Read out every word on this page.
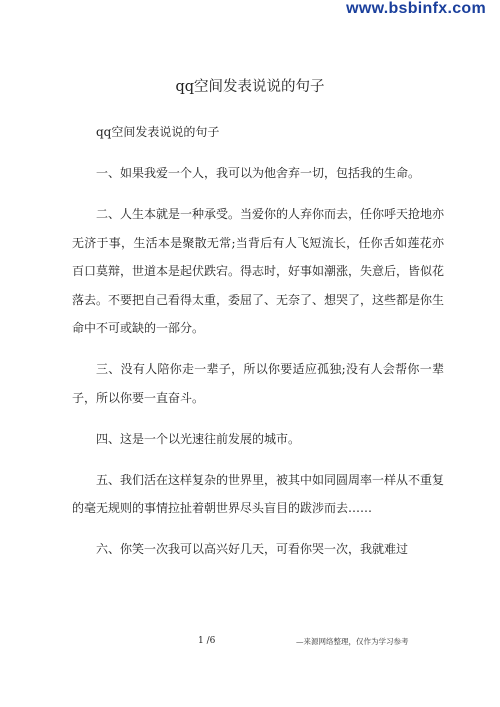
www.bsbinfx.com
qq空间发表说说的句子

qq空间发表说说的句子

一、如果我爱一个人，我可以为他舍弃一切，包括我的生命。

二、人生本就是一种承受。当爱你的人弃你而去，任你呼天抢地亦无济于事，生活本是聚散无常;当背后有人飞短流长，任你舌如莲花亦百口莫辩，世道本是起伏跌宕。得志时，好事如潮涨，失意后，皆似花落去。不要把自己看得太重，委屈了、无奈了、想哭了，这些都是你生命中不可或缺的一部分。

三、没有人陪你走一辈子，所以你要适应孤独;没有人会帮你一辈子，所以你要一直奋斗。

四、这是一个以光速往前发展的城市。

五、我们活在这样复杂的世界里，被其中如同圆周率一样从不重复的毫无规则的事情拉扯着朝世界尽头盲目的跋涉而去……

六、你笑一次我可以高兴好几天，可看你哭一次，我就难过

1 /6	—来源网络整理，仅作为学习参考
